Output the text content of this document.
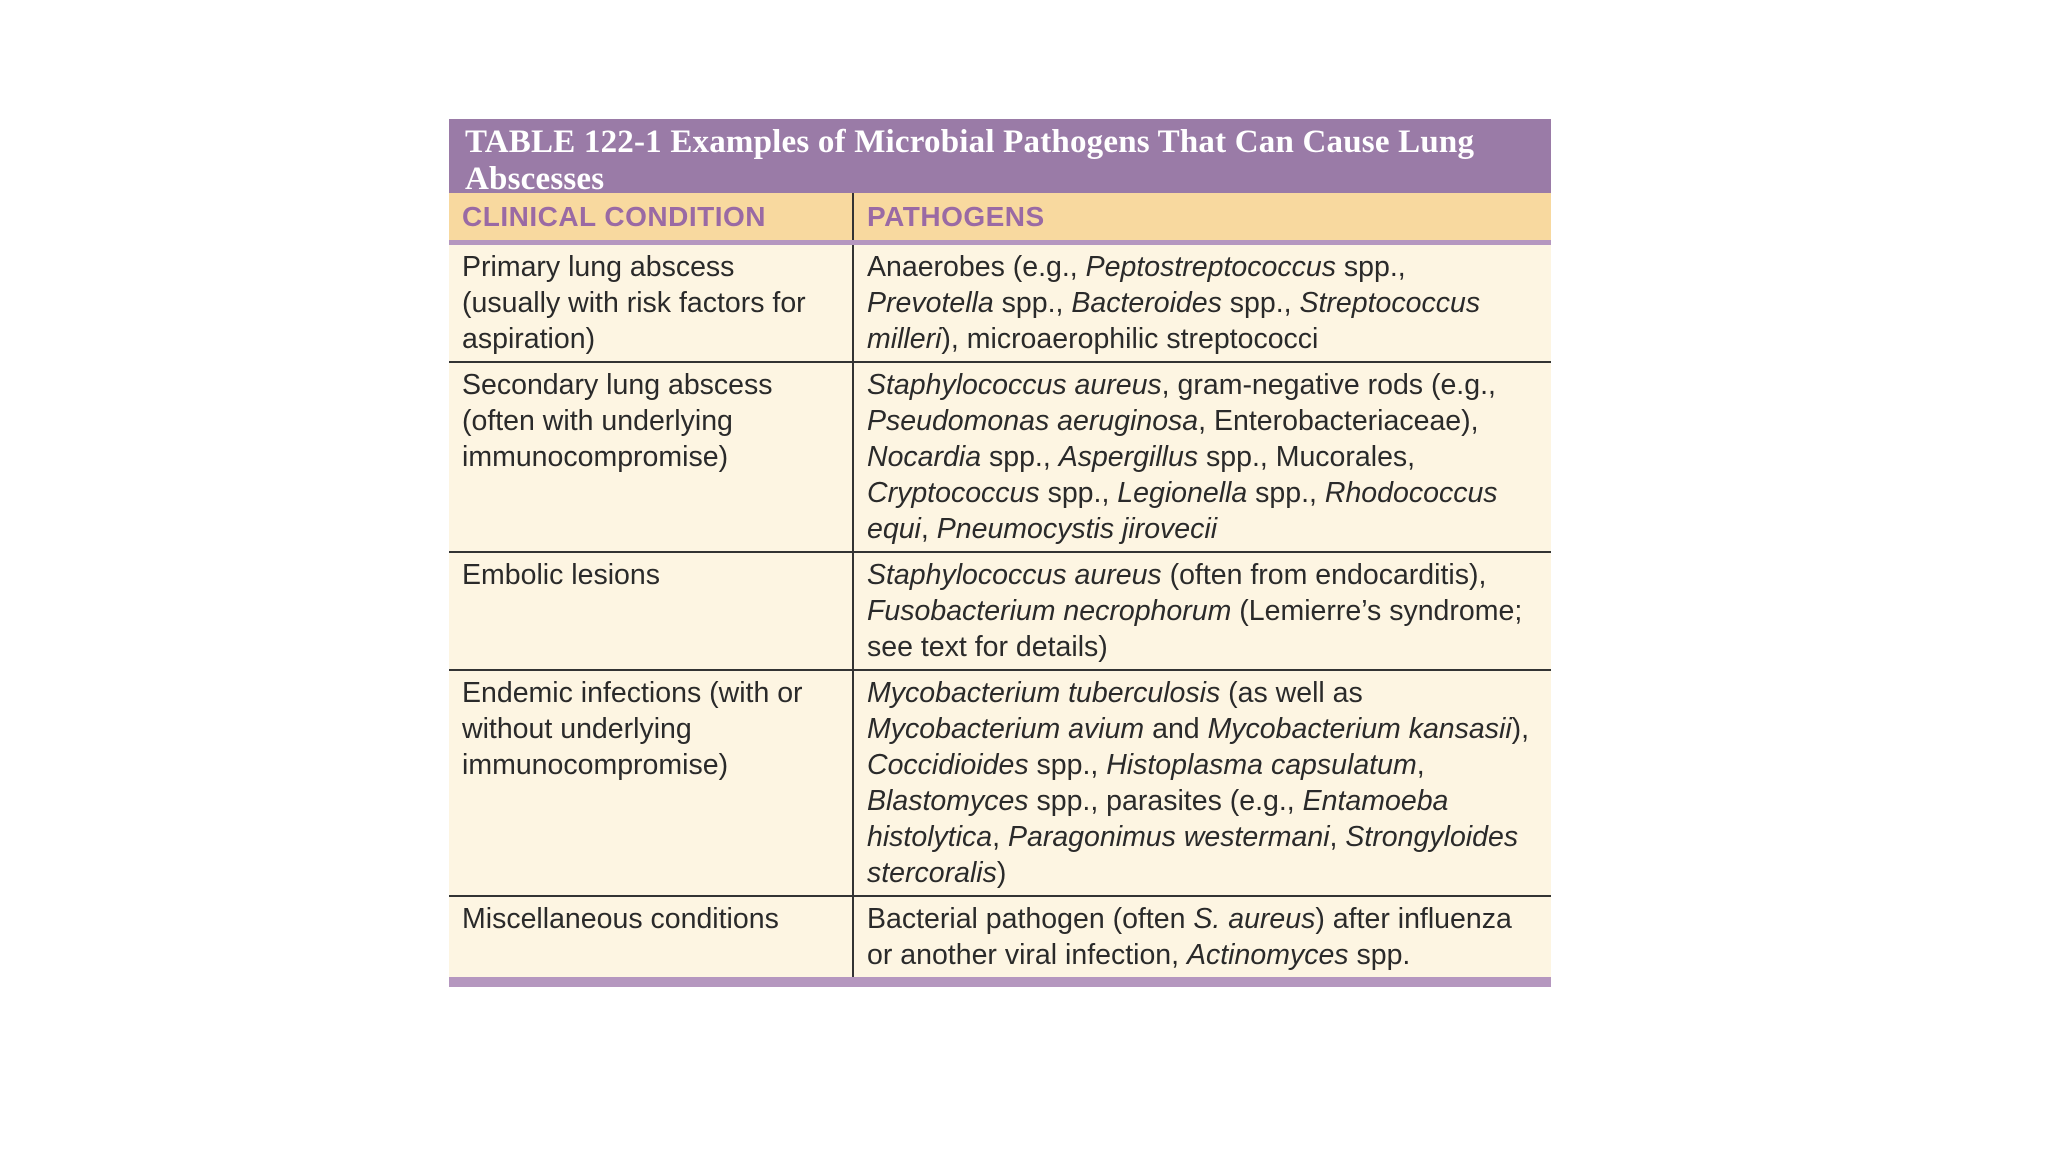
TABLE 122-1 Examples of Microbial Pathogens That Can Cause Lung Abscesses
CLINICAL CONDITION	PATHOGENS
Primary lung abscess (usually with risk factors for aspiration)	Anaerobes (e.g., Peptostreptococcus spp., Prevotella spp., Bacteroides spp., Streptococcus milleri), microaerophilic streptococci
Secondary lung abscess (often with underlying immunocompromise)	Staphylococcus aureus, gram-negative rods (e.g., Pseudomonas aeruginosa, Enterobacteriaceae), Nocardia spp., Aspergillus spp., Mucorales, Cryptococcus spp., Legionella spp., Rhodococcus equi, Pneumocystis jirovecii
Embolic lesions	Staphylococcus aureus (often from endocarditis), Fusobacterium necrophorum (Lemierre’s syndrome; see text for details)
Endemic infections (with or without underlying immunocompromise)	Mycobacterium tuberculosis (as well as Mycobacterium avium and Mycobacterium kansasii), Coccidioides spp., Histoplasma capsulatum, Blastomyces spp., parasites (e.g., Entamoeba histolytica, Paragonimus westermani, Strongyloides stercoralis)
Miscellaneous conditions	Bacterial pathogen (often S. aureus) after influenza or another viral infection, Actinomyces spp.
